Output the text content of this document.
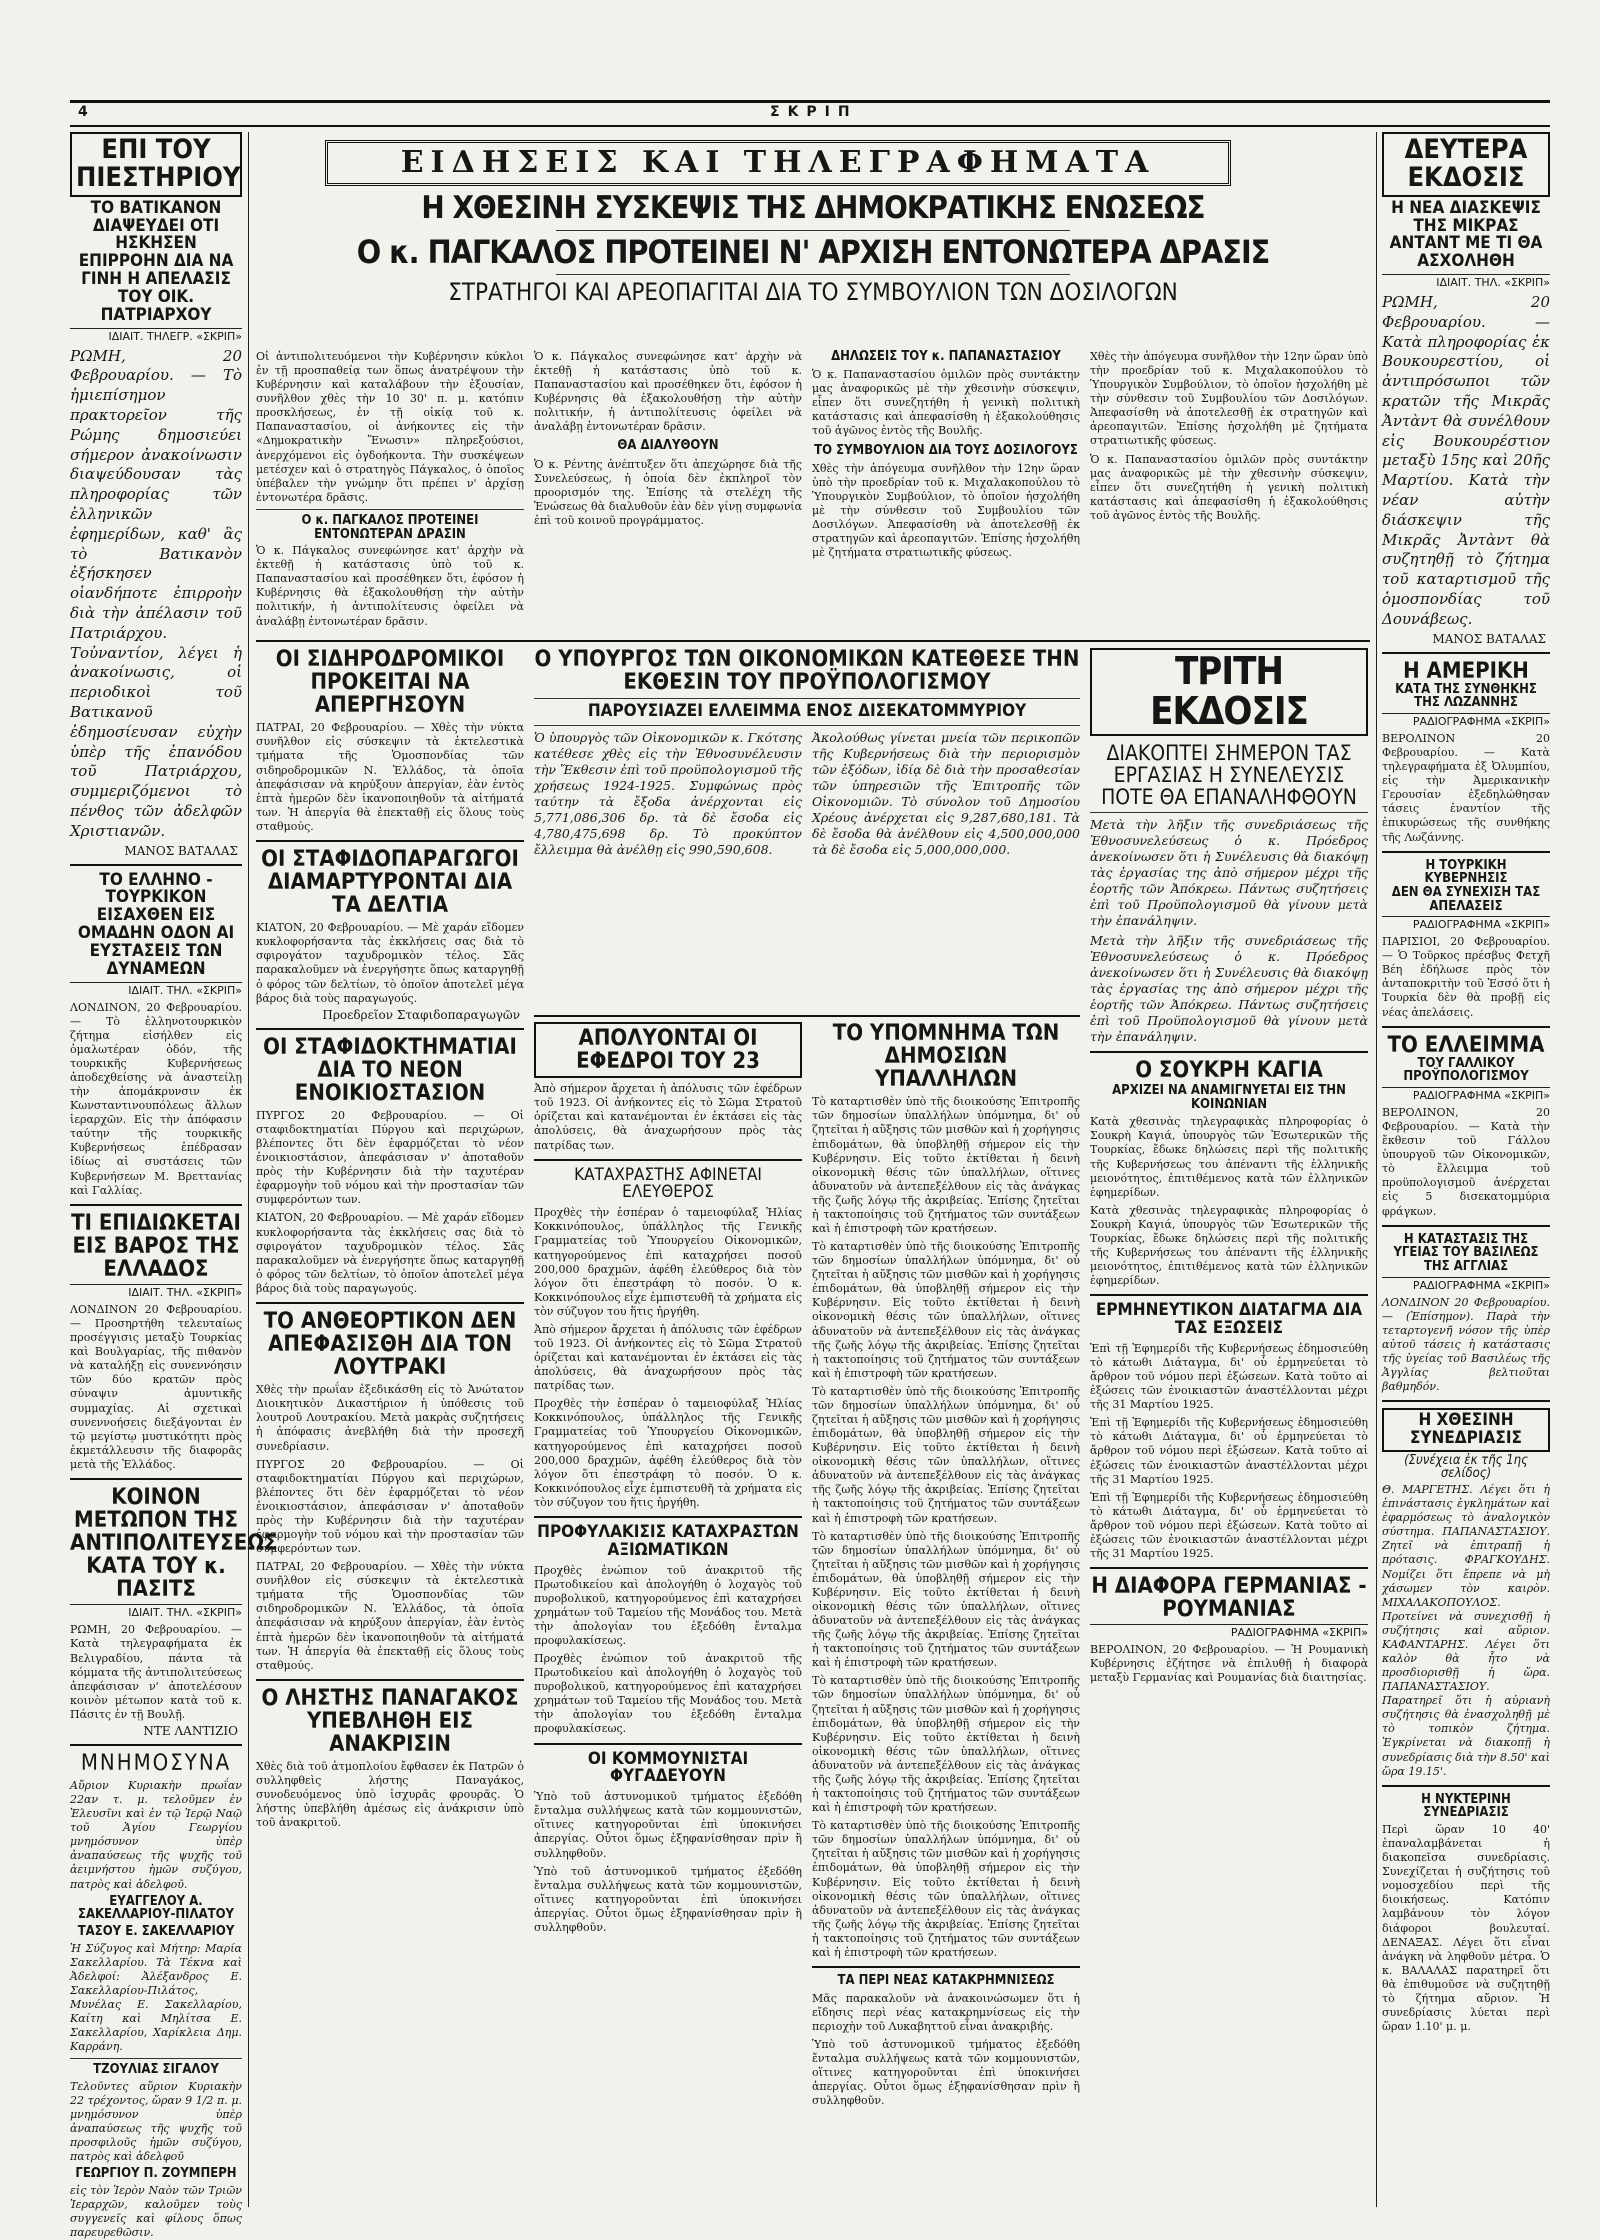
4	ΣΚΡΙΠ
ΕΠΙ ΤΟΥ ΠΙΕΣΤΗΡΙΟΥ
ΤΟ ΒΑΤΙΚΑΝΟΝ ΔΙΑΨΕΥΔΕΙ ΟΤΙ ΗΣΚΗΣΕΝ ΕΠΙΡΡΟΗΝ ΔΙΑ ΝΑ ΓΙΝΗ Η ΑΠΕΛΑΣΙΣ ΤΟΥ ΟΙΚ. ΠΑΤΡΙΑΡΧΟΥ
ΙΔΙΑΙΤ. ΤΗΛΕΓΡ. «ΣΚΡΙΠ»

ΡΩΜΗ, 20 Φεβρουαρίου. — Τὸ ἡμιεπίσημον πρακτορεῖον τῆς Ρώμης δημοσιεύει σήμερον ἀνακοίνωσιν διαψεύδουσαν τὰς πληροφορίας τῶν ἑλληνικῶν ἐφημερίδων, καθ' ἃς τὸ Βατικανὸν ἐξήσκησεν οἱανδήποτε ἐπιρροὴν διὰ τὴν ἀπέλασιν τοῦ Πατριάρχου. Τοὐναντίον, λέγει ἡ ἀνακοίνωσις, οἱ περιοδικοὶ τοῦ Βατικανοῦ ἐδημοσίευσαν εὐχὴν ὑπὲρ τῆς ἐπανόδου τοῦ Πατριάρχου, συμμεριζόμενοι τὸ πένθος τῶν ἀδελφῶν Χριστιανῶν.

ΜΑΝΟΣ ΒΑΤΑΛΑΣ
ΤΟ ΕΛΛΗΝΟ - ΤΟΥΡΚΙΚΟΝ ΕΙΣΑΧΘΕΝ ΕΙΣ ΟΜΑΔΗΝ ΟΔΟΝ ΑΙ ΕΥΣΤΑΣΕΙΣ ΤΩΝ ΔΥΝΑΜΕΩΝ
ΙΔΙΑΙΤ. ΤΗΛ. «ΣΚΡΙΠ»

ΛΟΝΔΙΝΟΝ, 20 Φεβρουαρίου. — Τὸ ἑλληνοτουρκικὸν ζήτημα εἰσήλθεν εἰς ὁμαλωτέραν ὁδόν, τῆς τουρκικῆς Κυβερνήσεως ἀποδεχθείσης νὰ ἀναστείλῃ τὴν ἀπομάκρυνσιν ἐκ Κωνσταντινουπόλεως ἄλλων ἱεραρχῶν. Εἰς τὴν ἀπόφασιν ταύτην τῆς τουρκικῆς Κυβερνήσεως ἐπέδρασαν ἰδίως αἱ συστάσεις τῶν Κυβερνήσεων Μ. Βρεττανίας καὶ Γαλλίας.

ΤΙ ΕΠΙΔΙΩΚΕΤΑΙ ΕΙΣ ΒΑΡΟΣ ΤΗΣ ΕΛΛΑΔΟΣ
ΙΔΙΑΙΤ. ΤΗΛ. «ΣΚΡΙΠ»

ΛΟΝΔΙΝΟΝ 20 Φεβρουαρίου. — Προσηρτήθη τελευταίως προσέγγισις μεταξὺ Τουρκίας καὶ Βουλγαρίας, τῆς πιθανὸν νὰ καταλήξῃ εἰς συνεννόησιν τῶν δύο κρατῶν πρὸς σύναψιν ἀμυντικῆς συμμαχίας. Αἱ σχετικαὶ συνεννοήσεις διεξάγονται ἐν τῷ μεγίστῳ μυστικότητι πρὸς ἐκμετάλλευσιν τῆς διαφορᾶς μετὰ τῆς Ἑλλάδος.

ΚΟΙΝΟΝ ΜΕΤΩΠΟΝ ΤΗΣ ΑΝΤΙΠΟΛΙΤΕΥΣΕΩΣ ΚΑΤΑ ΤΟΥ κ. ΠΑΣΙΤΣ
ΙΔΙΑΙΤ. ΤΗΛ. «ΣΚΡΙΠ»

ΡΩΜΗ, 20 Φεβρουαρίου. — Κατὰ τηλεγραφήματα ἐκ Βελιγραδίου, πάντα τὰ κόμματα τῆς ἀντιπολιτεύσεως ἀπεφάσισαν ν' ἀποτελέσουν κοινὸν μέτωπον κατὰ τοῦ κ. Πάσιτς ἐν τῇ Βουλῇ.

ΝΤΕ ΛΑΝΤΙΖΙΟ
ΜΝΗΜΟΣΥΝΑ

Αὔριον Κυριακὴν πρωΐαν 22αν τ. μ. τελοῦμεν ἐν Ἐλευσῖνι καὶ ἐν τῷ Ἱερῷ Ναῷ τοῦ Ἁγίου Γεωργίου μνημόσυνον ὑπὲρ ἀναπαύσεως τῆς ψυχῆς τοῦ ἀειμνήστου ἡμῶν συζύγου, πατρὸς καὶ ἀδελφοῦ.

ΕΥΑΓΓΕΛΟΥ Α. ΣΑΚΕΛΛΑΡΙΟΥ-ΠΙΛΑΤΟΥ
ΤΑΣΟΥ Ε. ΣΑΚΕΛΛΑΡΙΟΥ

Ἡ Σύζυγος καὶ Μήτηρ: Μαρία Σακελλαρίου. Τὰ Τέκνα καὶ Ἀδελφοί: Ἀλέξανδρος Ε. Σακελλαρίου-Πιλάτος, Μυνέλας Ε. Σακελλαρίου, Καίτη καὶ Μηλίτσα Ε. Σακελλαρίου, Χαρίκλεια Δημ. Καρράνη.

ΤΖΟΥΛΙΑΣ ΣΙΓΑΛΟΥ

Τελοῦντες αὔριον Κυριακὴν 22 τρέχοντος, ὥραν 9 1/2 π. μ. μνημόσυνον ὑπὲρ ἀναπαύσεως τῆς ψυχῆς τοῦ προσφιλοῦς ἡμῶν συζύγου, πατρὸς καὶ ἀδελφοῦ

ΓΕΩΡΓΙΟΥ Π. ΖΟΥΜΠΕΡΗ

εἰς τὸν Ἱερὸν Ναὸν τῶν Τριῶν Ἱεραρχῶν, καλοῦμεν τοὺς συγγενεῖς καὶ φίλους ὅπως παρευρεθῶσιν.

ΕΙΔΗΣΕΙΣ ΚΑΙ ΤΗΛΕΓΡΑΦΗΜΑΤΑ
Η ΧΘΕΣΙΝΗ ΣΥΣΚΕΨΙΣ ΤΗΣ ΔΗΜΟΚΡΑΤΙΚΗΣ ΕΝΩΣΕΩΣ
Ο κ. ΠΑΓΚΑΛΟΣ ΠΡΟΤΕΙΝΕΙ Ν' ΑΡΧΙΣΗ ΕΝΤΟΝΩΤΕΡΑ ΔΡΑΣΙΣ
ΣΤΡΑΤΗΓΟΙ ΚΑΙ ΑΡΕΟΠΑΓΙΤΑΙ ΔΙΑ ΤΟ ΣΥΜΒΟΥΛΙΟΝ ΤΩΝ ΔΟΣΙΛΟΓΩΝ

Οἱ ἀντιπολιτευόμενοι τὴν Κυβέρνησιν κύκλοι ἐν τῇ προσπαθείᾳ των ὅπως ἀνατρέψουν τὴν Κυβέρνησιν καὶ καταλάβουν τὴν ἐξουσίαν, συνῆλθον χθὲς τὴν 10 30' π. μ. κατόπιν προσκλήσεως, ἐν τῇ οἰκίᾳ τοῦ κ. Παπαναστασίου, οἱ ἀνήκοντες εἰς τὴν «Δημοκρατικὴν Ἕνωσιν» πληρεξούσιοι, ἀνερχόμενοι εἰς ὀγδοήκοντα. Τὴν συσκέψεων μετέσχεν καὶ ὁ στρατηγὸς Πάγκαλος, ὁ ὁποῖος ὑπέβαλεν τὴν γνώμην ὅτι πρέπει ν' ἀρχίσῃ ἐντονωτέρα δρᾶσις.

Ο κ. ΠΑΓΚΑΛΟΣ ΠΡΟΤΕΙΝΕΙ ΕΝΤΟΝΩΤΕΡΑΝ ΔΡΑΣΙΝ

Ὁ κ. Πάγκαλος συνεφώνησε κατ' ἀρχὴν νὰ ἐκτεθῇ ἡ κατάστασις ὑπὸ τοῦ κ. Παπαναστασίου καὶ προσέθηκεν ὅτι, ἐφόσον ἡ Κυβέρνησις θὰ ἐξακολουθήσῃ τὴν αὐτὴν πολιτικήν, ἡ ἀντιπολίτευσις ὀφείλει νὰ ἀναλάβῃ ἐντονωτέραν δρᾶσιν.

Ὁ κ. Πάγκαλος συνεφώνησε κατ' ἀρχὴν νὰ ἐκτεθῇ ἡ κατάστασις ὑπὸ τοῦ κ. Παπαναστασίου καὶ προσέθηκεν ὅτι, ἐφόσον ἡ Κυβέρνησις θὰ ἐξακολουθήσῃ τὴν αὐτὴν πολιτικήν, ἡ ἀντιπολίτευσις ὀφείλει νὰ ἀναλάβῃ ἐντονωτέραν δρᾶσιν.

ΘΑ ΔΙΑΛΥΘΟΥΝ

Ὁ κ. Ρέντης ἀνέπτυξεν ὅτι ἀπεχώρησε διὰ τῆς Συνελεύσεως, ἡ ὁποία δὲν ἐκπληροῖ τὸν προορισμόν της. Ἐπίσης τὰ στελέχη τῆς Ἑνώσεως θὰ διαλυθοῦν ἐὰν δὲν γίνῃ συμφωνία ἐπὶ τοῦ κοινοῦ προγράμματος.

ΔΗΛΩΣΕΙΣ ΤΟΥ κ. ΠΑΠΑΝΑΣΤΑΣΙΟΥ

Ὁ κ. Παπαναστασίου ὁμιλῶν πρὸς συντάκτην μας ἀναφορικῶς μὲ τὴν χθεσινὴν σύσκεψιν, εἶπεν ὅτι συνεζητήθη ἡ γενικὴ πολιτικὴ κατάστασις καὶ ἀπεφασίσθη ἡ ἐξακολούθησις τοῦ ἀγῶνος ἐντὸς τῆς Βουλῆς.

ΤΟ ΣΥΜΒΟΥΛΙΟΝ ΔΙΑ ΤΟΥΣ ΔΟΣΙΛΟΓΟΥΣ

Χθὲς τὴν ἀπόγευμα συνῆλθον τὴν 12ην ὥραν ὑπὸ τὴν προεδρίαν τοῦ κ. Μιχαλακοπούλου τὸ Ὑπουργικὸν Συμβούλιον, τὸ ὁποῖον ἠσχολήθη μὲ τὴν σύνθεσιν τοῦ Συμβουλίου τῶν Δοσιλόγων. Ἀπεφασίσθη νὰ ἀποτελεσθῇ ἐκ στρατηγῶν καὶ ἀρεοπαγιτῶν. Ἐπίσης ἠσχολήθη μὲ ζητήματα στρατιωτικῆς φύσεως.

Χθὲς τὴν ἀπόγευμα συνῆλθον τὴν 12ην ὥραν ὑπὸ τὴν προεδρίαν τοῦ κ. Μιχαλακοπούλου τὸ Ὑπουργικὸν Συμβούλιον, τὸ ὁποῖον ἠσχολήθη μὲ τὴν σύνθεσιν τοῦ Συμβουλίου τῶν Δοσιλόγων. Ἀπεφασίσθη νὰ ἀποτελεσθῇ ἐκ στρατηγῶν καὶ ἀρεοπαγιτῶν. Ἐπίσης ἠσχολήθη μὲ ζητήματα στρατιωτικῆς φύσεως.

Ὁ κ. Παπαναστασίου ὁμιλῶν πρὸς συντάκτην μας ἀναφορικῶς μὲ τὴν χθεσινὴν σύσκεψιν, εἶπεν ὅτι συνεζητήθη ἡ γενικὴ πολιτικὴ κατάστασις καὶ ἀπεφασίσθη ἡ ἐξακολούθησις τοῦ ἀγῶνος ἐντὸς τῆς Βουλῆς.

ΟΙ ΣΙΔΗΡΟΔΡΟΜΙΚΟΙ ΠΡΟΚΕΙΤΑΙ ΝΑ ΑΠΕΡΓΗΣΟΥΝ

ΠΑΤΡΑΙ, 20 Φεβρουαρίου. — Χθὲς τὴν νύκτα συνῆλθον εἰς σύσκεψιν τὰ ἐκτελεστικὰ τμήματα τῆς Ὁμοσπονδίας τῶν σιδηροδρομικῶν Ν. Ἑλλάδος, τὰ ὁποῖα ἀπεφάσισαν νὰ κηρύξουν ἀπεργίαν, ἐὰν ἐντὸς ἑπτὰ ἡμερῶν δὲν ἱκανοποιηθοῦν τὰ αἰτήματά των. Ἡ ἀπεργία θὰ ἐπεκταθῇ εἰς ὅλους τοὺς σταθμούς.

ΟΙ ΣΤΑΦΙΔΟΠΑΡΑΓΩΓΟΙ ΔΙΑΜΑΡΤΥΡΟΝΤΑΙ ΔΙΑ ΤΑ ΔΕΛΤΙΑ

ΚΙΑΤΟΝ, 20 Φεβρουαρίου. — Μὲ χαράν εἴδομεν κυκλοφορήσαντα τὰς ἐκκλήσεις σας διὰ τὸ σφιρογάτον ταχυδρομικὸν τέλος. Σᾶς παρακαλοῦμεν νὰ ἐνεργήσητε ὅπως καταργηθῇ ὁ φόρος τῶν δελτίων, τὸ ὁποῖον ἀποτελεῖ μέγα βάρος διὰ τοὺς παραγωγούς.

Προεδρεῖον Σταφιδοπαραγωγῶν
ΟΙ ΣΤΑΦΙΔΟΚΤΗΜΑΤΙΑΙ ΔΙΑ ΤΟ ΝΕΟΝ ΕΝΟΙΚΙΟΣΤΑΣΙΟΝ

ΠΥΡΓΟΣ 20 Φεβρουαρίου. — Οἱ σταφιδοκτηματίαι Πύργου καὶ περιχώρων, βλέποντες ὅτι δὲν ἐφαρμόζεται τὸ νέον ἐνοικιοστάσιον, ἀπεφάσισαν ν' ἀποταθοῦν πρὸς τὴν Κυβέρνησιν διὰ τὴν ταχυτέραν ἐφαρμογὴν τοῦ νόμου καὶ τὴν προστασίαν τῶν συμφερόντων των.

ΚΙΑΤΟΝ, 20 Φεβρουαρίου. — Μὲ χαράν εἴδομεν κυκλοφορήσαντα τὰς ἐκκλήσεις σας διὰ τὸ σφιρογάτον ταχυδρομικὸν τέλος. Σᾶς παρακαλοῦμεν νὰ ἐνεργήσητε ὅπως καταργηθῇ ὁ φόρος τῶν δελτίων, τὸ ὁποῖον ἀποτελεῖ μέγα βάρος διὰ τοὺς παραγωγούς.

ΤΟ ΑΝΘΕΟΡΤΙΚΟΝ ΔΕΝ ΑΠΕΦΑΣΙΣΘΗ ΔΙΑ ΤΟΝ ΛΟΥΤΡΑΚΙ

Χθὲς τὴν πρωΐαν ἐξεδικάσθη εἰς τὸ Ἀνώτατον Διοικητικὸν Δικαστήριον ἡ ὑπόθεσις τοῦ λουτροῦ Λουτρακίου. Μετὰ μακρὰς συζητήσεις ἡ ἀπόφασις ἀνεβλήθη διὰ τὴν προσεχῆ συνεδρίασιν.

ΠΥΡΓΟΣ 20 Φεβρουαρίου. — Οἱ σταφιδοκτηματίαι Πύργου καὶ περιχώρων, βλέποντες ὅτι δὲν ἐφαρμόζεται τὸ νέον ἐνοικιοστάσιον, ἀπεφάσισαν ν' ἀποταθοῦν πρὸς τὴν Κυβέρνησιν διὰ τὴν ταχυτέραν ἐφαρμογὴν τοῦ νόμου καὶ τὴν προστασίαν τῶν συμφερόντων των.

ΠΑΤΡΑΙ, 20 Φεβρουαρίου. — Χθὲς τὴν νύκτα συνῆλθον εἰς σύσκεψιν τὰ ἐκτελεστικὰ τμήματα τῆς Ὁμοσπονδίας τῶν σιδηροδρομικῶν Ν. Ἑλλάδος, τὰ ὁποῖα ἀπεφάσισαν νὰ κηρύξουν ἀπεργίαν, ἐὰν ἐντὸς ἑπτὰ ἡμερῶν δὲν ἱκανοποιηθοῦν τὰ αἰτήματά των. Ἡ ἀπεργία θὰ ἐπεκταθῇ εἰς ὅλους τοὺς σταθμούς.

Ο ΛΗΣΤΗΣ ΠΑΝΑΓΑΚΟΣ ΥΠΕΒΛΗΘΗ ΕΙΣ ΑΝΑΚΡΙΣΙΝ

Χθὲς διὰ τοῦ ἀτμοπλοίου ἔφθασεν ἐκ Πατρῶν ὁ συλληφθεὶς λήστης Παναγάκος, συνοδευόμενος ὑπὸ ἰσχυρᾶς φρουρᾶς. Ὁ λήστης ὑπεβλήθη ἀμέσως εἰς ἀνάκρισιν ὑπὸ τοῦ ἀνακριτοῦ.

Ο ΥΠΟΥΡΓΟΣ ΤΩΝ ΟΙΚΟΝΟΜΙΚΩΝ ΚΑΤΕΘΕΣΕ ΤΗΝ ΕΚΘΕΣΙΝ ΤΟΥ ΠΡΟΫΠΟΛΟΓΙΣΜΟΥ
ΠΑΡΟΥΣΙΑΖΕΙ ΕΛΛΕΙΜΜΑ ΕΝΟΣ ΔΙΣΕΚΑΤΟΜΜΥΡΙΟΥ

Ὁ ὑπουργὸς τῶν Οἰκονομικῶν κ. Γκότσης κατέθεσε χθὲς εἰς τὴν Ἐθνοσυνέλευσιν τὴν Ἔκθεσιν ἐπὶ τοῦ προϋπολογισμοῦ τῆς χρήσεως 1924-1925. Συμφώνως πρὸς ταύτην τὰ ἔξοδα ἀνέρχονται εἰς 5,771,086,306 δρ. τὰ δὲ ἔσοδα εἰς 4,780,475,698 δρ. Τὸ προκύπτον ἔλλειμμα θὰ ἀνέλθῃ εἰς 990,590,608.

Ἀκολούθως γίνεται μνεία τῶν περικοπῶν τῆς Κυβερνήσεως διὰ τὴν περιορισμὸν τῶν ἐξόδων, ἰδίᾳ δὲ διὰ τὴν προσαθεσίαν τῶν ὑπηρεσιῶν τῆς Ἐπιτροπῆς τῶν Οἰκονομιῶν. Τὸ σύνολον τοῦ Δημοσίου Χρέους ἀνέρχεται εἰς 9,287,680,181. Τὰ δὲ ἔσοδα θὰ ἀνέλθουν εἰς 4,500,000,000 τὰ δὲ ἔσοδα εἰς 5,000,000,000.

ΑΠΟΛΥΟΝΤΑΙ ΟΙ ΕΦΕΔΡΟΙ ΤΟΥ 23

Ἀπὸ σήμερον ἄρχεται ἡ ἀπόλυσις τῶν ἐφέδρων τοῦ 1923. Οἱ ἀνήκοντες εἰς τὸ Σῶμα Στρατοῦ ὁρίζεται καὶ κατανέμονται ἐν ἐκτάσει εἰς τὰς ἀπολύσεις, θὰ ἀναχωρήσουν πρὸς τὰς πατρίδας των.

ΚΑΤΑΧΡΑΣΤΗΣ ΑΦΙΝΕΤΑΙ ΕΛΕΥΘΕΡΟΣ

Προχθὲς τὴν ἑσπέραν ὁ ταμειοφύλαξ Ἡλίας Κοκκινόπουλος, ὑπάλληλος τῆς Γενικῆς Γραμματείας τοῦ Ὑπουργείου Οἰκονομικῶν, κατηγορούμενος ἐπὶ καταχρήσει ποσοῦ 200,000 δραχμῶν, ἀφέθη ἐλεύθερος διὰ τὸν λόγον ὅτι ἐπεστράφη τὸ ποσόν. Ὁ κ. Κοκκινόπουλος εἶχε ἐμπιστευθῆ τὰ χρήματα εἰς τὸν σύζυγον του ἥτις ἠργήθη.

Ἀπὸ σήμερον ἄρχεται ἡ ἀπόλυσις τῶν ἐφέδρων τοῦ 1923. Οἱ ἀνήκοντες εἰς τὸ Σῶμα Στρατοῦ ὁρίζεται καὶ κατανέμονται ἐν ἐκτάσει εἰς τὰς ἀπολύσεις, θὰ ἀναχωρήσουν πρὸς τὰς πατρίδας των.

Προχθὲς τὴν ἑσπέραν ὁ ταμειοφύλαξ Ἡλίας Κοκκινόπουλος, ὑπάλληλος τῆς Γενικῆς Γραμματείας τοῦ Ὑπουργείου Οἰκονομικῶν, κατηγορούμενος ἐπὶ καταχρήσει ποσοῦ 200,000 δραχμῶν, ἀφέθη ἐλεύθερος διὰ τὸν λόγον ὅτι ἐπεστράφη τὸ ποσόν. Ὁ κ. Κοκκινόπουλος εἶχε ἐμπιστευθῆ τὰ χρήματα εἰς τὸν σύζυγον του ἥτις ἠργήθη.

ΠΡΟΦΥΛΑΚΙΣΙΣ ΚΑΤΑΧΡΑΣΤΩΝ ΑΞΙΩΜΑΤΙΚΩΝ

Προχθὲς ἐνώπιον τοῦ ἀνακριτοῦ τῆς Πρωτοδικείου καὶ ἀπολογήθη ὁ λοχαγὸς τοῦ πυροβολικοῦ, κατηγορούμενος ἐπὶ καταχρήσει χρημάτων τοῦ Ταμείου τῆς Μονάδος του. Μετὰ τὴν ἀπολογίαν του ἐξεδόθη ἔνταλμα προφυλακίσεως.

Προχθὲς ἐνώπιον τοῦ ἀνακριτοῦ τῆς Πρωτοδικείου καὶ ἀπολογήθη ὁ λοχαγὸς τοῦ πυροβολικοῦ, κατηγορούμενος ἐπὶ καταχρήσει χρημάτων τοῦ Ταμείου τῆς Μονάδος του. Μετὰ τὴν ἀπολογίαν του ἐξεδόθη ἔνταλμα προφυλακίσεως.

ΟΙ ΚΟΜΜΟΥΝΙΣΤΑΙ ΦΥΓΑΔΕΥΟΥΝ

Ὑπὸ τοῦ ἀστυνομικοῦ τμήματος ἐξεδόθη ἔνταλμα συλλήψεως κατὰ τῶν κομμουνιστῶν, οἵτινες κατηγοροῦνται ἐπὶ ὑποκινήσει ἀπεργίας. Οὗτοι ὅμως ἐξηφανίσθησαν πρὶν ἢ συλληφθοῦν.

Ὑπὸ τοῦ ἀστυνομικοῦ τμήματος ἐξεδόθη ἔνταλμα συλλήψεως κατὰ τῶν κομμουνιστῶν, οἵτινες κατηγοροῦνται ἐπὶ ὑποκινήσει ἀπεργίας. Οὗτοι ὅμως ἐξηφανίσθησαν πρὶν ἢ συλληφθοῦν.

ΤΟ ΥΠΟΜΝΗΜΑ ΤΩΝ ΔΗΜΟΣΙΩΝ ΥΠΑΛΛΗΛΩΝ

Τὸ καταρτισθὲν ὑπὸ τῆς διοικούσης Ἐπιτροπῆς τῶν δημοσίων ὑπαλλήλων ὑπόμνημα, δι' οὗ ζητεῖται ἡ αὔξησις τῶν μισθῶν καὶ ἡ χορήγησις ἐπιδομάτων, θὰ ὑποβληθῇ σήμερον εἰς τὴν Κυβέρνησιν. Εἰς τοῦτο ἐκτίθεται ἡ δεινὴ οἰκονομικὴ θέσις τῶν ὑπαλλήλων, οἵτινες ἀδυνατοῦν νὰ ἀντεπεξέλθουν εἰς τὰς ἀνάγκας τῆς ζωῆς λόγῳ τῆς ἀκριβείας. Ἐπίσης ζητεῖται ἡ τακτοποίησις τοῦ ζητήματος τῶν συντάξεων καὶ ἡ ἐπιστροφὴ τῶν κρατήσεων.

Τὸ καταρτισθὲν ὑπὸ τῆς διοικούσης Ἐπιτροπῆς τῶν δημοσίων ὑπαλλήλων ὑπόμνημα, δι' οὗ ζητεῖται ἡ αὔξησις τῶν μισθῶν καὶ ἡ χορήγησις ἐπιδομάτων, θὰ ὑποβληθῇ σήμερον εἰς τὴν Κυβέρνησιν. Εἰς τοῦτο ἐκτίθεται ἡ δεινὴ οἰκονομικὴ θέσις τῶν ὑπαλλήλων, οἵτινες ἀδυνατοῦν νὰ ἀντεπεξέλθουν εἰς τὰς ἀνάγκας τῆς ζωῆς λόγῳ τῆς ἀκριβείας. Ἐπίσης ζητεῖται ἡ τακτοποίησις τοῦ ζητήματος τῶν συντάξεων καὶ ἡ ἐπιστροφὴ τῶν κρατήσεων.

Τὸ καταρτισθὲν ὑπὸ τῆς διοικούσης Ἐπιτροπῆς τῶν δημοσίων ὑπαλλήλων ὑπόμνημα, δι' οὗ ζητεῖται ἡ αὔξησις τῶν μισθῶν καὶ ἡ χορήγησις ἐπιδομάτων, θὰ ὑποβληθῇ σήμερον εἰς τὴν Κυβέρνησιν. Εἰς τοῦτο ἐκτίθεται ἡ δεινὴ οἰκονομικὴ θέσις τῶν ὑπαλλήλων, οἵτινες ἀδυνατοῦν νὰ ἀντεπεξέλθουν εἰς τὰς ἀνάγκας τῆς ζωῆς λόγῳ τῆς ἀκριβείας. Ἐπίσης ζητεῖται ἡ τακτοποίησις τοῦ ζητήματος τῶν συντάξεων καὶ ἡ ἐπιστροφὴ τῶν κρατήσεων.

Τὸ καταρτισθὲν ὑπὸ τῆς διοικούσης Ἐπιτροπῆς τῶν δημοσίων ὑπαλλήλων ὑπόμνημα, δι' οὗ ζητεῖται ἡ αὔξησις τῶν μισθῶν καὶ ἡ χορήγησις ἐπιδομάτων, θὰ ὑποβληθῇ σήμερον εἰς τὴν Κυβέρνησιν. Εἰς τοῦτο ἐκτίθεται ἡ δεινὴ οἰκονομικὴ θέσις τῶν ὑπαλλήλων, οἵτινες ἀδυνατοῦν νὰ ἀντεπεξέλθουν εἰς τὰς ἀνάγκας τῆς ζωῆς λόγῳ τῆς ἀκριβείας. Ἐπίσης ζητεῖται ἡ τακτοποίησις τοῦ ζητήματος τῶν συντάξεων καὶ ἡ ἐπιστροφὴ τῶν κρατήσεων.

Τὸ καταρτισθὲν ὑπὸ τῆς διοικούσης Ἐπιτροπῆς τῶν δημοσίων ὑπαλλήλων ὑπόμνημα, δι' οὗ ζητεῖται ἡ αὔξησις τῶν μισθῶν καὶ ἡ χορήγησις ἐπιδομάτων, θὰ ὑποβληθῇ σήμερον εἰς τὴν Κυβέρνησιν. Εἰς τοῦτο ἐκτίθεται ἡ δεινὴ οἰκονομικὴ θέσις τῶν ὑπαλλήλων, οἵτινες ἀδυνατοῦν νὰ ἀντεπεξέλθουν εἰς τὰς ἀνάγκας τῆς ζωῆς λόγῳ τῆς ἀκριβείας. Ἐπίσης ζητεῖται ἡ τακτοποίησις τοῦ ζητήματος τῶν συντάξεων καὶ ἡ ἐπιστροφὴ τῶν κρατήσεων.

Τὸ καταρτισθὲν ὑπὸ τῆς διοικούσης Ἐπιτροπῆς τῶν δημοσίων ὑπαλλήλων ὑπόμνημα, δι' οὗ ζητεῖται ἡ αὔξησις τῶν μισθῶν καὶ ἡ χορήγησις ἐπιδομάτων, θὰ ὑποβληθῇ σήμερον εἰς τὴν Κυβέρνησιν. Εἰς τοῦτο ἐκτίθεται ἡ δεινὴ οἰκονομικὴ θέσις τῶν ὑπαλλήλων, οἵτινες ἀδυνατοῦν νὰ ἀντεπεξέλθουν εἰς τὰς ἀνάγκας τῆς ζωῆς λόγῳ τῆς ἀκριβείας. Ἐπίσης ζητεῖται ἡ τακτοποίησις τοῦ ζητήματος τῶν συντάξεων καὶ ἡ ἐπιστροφὴ τῶν κρατήσεων.

ΤΑ ΠΕΡΙ ΝΕΑΣ ΚΑΤΑΚΡΗΜΝΙΣΕΩΣ

Μᾶς παρακαλοῦν νὰ ἀνακοινώσωμεν ὅτι ἡ εἴδησις περὶ νέας κατακρημνίσεως εἰς τὴν περιοχὴν τοῦ Λυκαβηττοῦ εἶναι ἀνακριβής.

Ὑπὸ τοῦ ἀστυνομικοῦ τμήματος ἐξεδόθη ἔνταλμα συλλήψεως κατὰ τῶν κομμουνιστῶν, οἵτινες κατηγοροῦνται ἐπὶ ὑποκινήσει ἀπεργίας. Οὗτοι ὅμως ἐξηφανίσθησαν πρὶν ἢ συλληφθοῦν.

ΤΡΙΤΗ ΕΚΔΟΣΙΣ
ΔΙΑΚΟΠΤΕΙ ΣΗΜΕΡΟΝ ΤΑΣ ΕΡΓΑΣΙΑΣ Η ΣΥΝΕΛΕΥΣΙΣ ΠΟΤΕ ΘΑ ΕΠΑΝΑΛΗΦΘΟΥΝ

Μετὰ τὴν λῆξιν τῆς συνεδριάσεως τῆς Ἐθνοσυνελεύσεως ὁ κ. Πρόεδρος ἀνεκοίνωσεν ὅτι ἡ Συνέλευσις θὰ διακόψῃ τὰς ἐργασίας της ἀπὸ σήμερον μέχρι τῆς ἑορτῆς τῶν Ἀπόκρεω. Πάντως συζητήσεις ἐπὶ τοῦ Προϋπολογισμοῦ θὰ γίνουν μετὰ τὴν ἐπανάληψιν.

Μετὰ τὴν λῆξιν τῆς συνεδριάσεως τῆς Ἐθνοσυνελεύσεως ὁ κ. Πρόεδρος ἀνεκοίνωσεν ὅτι ἡ Συνέλευσις θὰ διακόψῃ τὰς ἐργασίας της ἀπὸ σήμερον μέχρι τῆς ἑορτῆς τῶν Ἀπόκρεω. Πάντως συζητήσεις ἐπὶ τοῦ Προϋπολογισμοῦ θὰ γίνουν μετὰ τὴν ἐπανάληψιν.

Ο ΣΟΥΚΡΗ ΚΑΓΙΑ
ΑΡΧΙΖΕΙ ΝΑ ΑΝΑΜΙΓΝΥΕΤΑΙ ΕΙΣ ΤΗΝ ΚΟΙΝΩΝΙΑΝ

Κατὰ χθεσινὰς τηλεγραφικὰς πληροφορίας ὁ Σουκρὴ Καγιά, ὑπουργὸς τῶν Ἐσωτερικῶν τῆς Τουρκίας, ἔδωκε δηλώσεις περὶ τῆς πολιτικῆς τῆς Κυβερνήσεως του ἀπέναντι τῆς ἑλληνικῆς μειονότητος, ἐπιτιθέμενος κατὰ τῶν ἑλληνικῶν ἐφημερίδων.

Κατὰ χθεσινὰς τηλεγραφικὰς πληροφορίας ὁ Σουκρὴ Καγιά, ὑπουργὸς τῶν Ἐσωτερικῶν τῆς Τουρκίας, ἔδωκε δηλώσεις περὶ τῆς πολιτικῆς τῆς Κυβερνήσεως του ἀπέναντι τῆς ἑλληνικῆς μειονότητος, ἐπιτιθέμενος κατὰ τῶν ἑλληνικῶν ἐφημερίδων.

ΕΡΜΗΝΕΥΤΙΚΟΝ ΔΙΑΤΑΓΜΑ ΔΙΑ ΤΑΣ ΕΞΩΣΕΙΣ

Ἐπὶ τῇ Ἐφημερίδι τῆς Κυβερνήσεως ἐδημοσιεύθη τὸ κάτωθι Διάταγμα, δι' οὗ ἑρμηνεύεται τὸ ἄρθρον τοῦ νόμου περὶ ἐξώσεων. Κατὰ τοῦτο αἱ ἐξώσεις τῶν ἐνοικιαστῶν ἀναστέλλονται μέχρι τῆς 31 Μαρτίου 1925.

Ἐπὶ τῇ Ἐφημερίδι τῆς Κυβερνήσεως ἐδημοσιεύθη τὸ κάτωθι Διάταγμα, δι' οὗ ἑρμηνεύεται τὸ ἄρθρον τοῦ νόμου περὶ ἐξώσεων. Κατὰ τοῦτο αἱ ἐξώσεις τῶν ἐνοικιαστῶν ἀναστέλλονται μέχρι τῆς 31 Μαρτίου 1925.

Ἐπὶ τῇ Ἐφημερίδι τῆς Κυβερνήσεως ἐδημοσιεύθη τὸ κάτωθι Διάταγμα, δι' οὗ ἑρμηνεύεται τὸ ἄρθρον τοῦ νόμου περὶ ἐξώσεων. Κατὰ τοῦτο αἱ ἐξώσεις τῶν ἐνοικιαστῶν ἀναστέλλονται μέχρι τῆς 31 Μαρτίου 1925.

Η ΔΙΑΦΟΡΑ ΓΕΡΜΑΝΙΑΣ - ΡΟΥΜΑΝΙΑΣ
ΡΑΔΙΟΓΡΑΦΗΜΑ «ΣΚΡΙΠ»

ΒΕΡΟΛΙΝΟΝ, 20 Φεβρουαρίου. — Ἡ Ρουμανικὴ Κυβέρνησις ἐζήτησε νὰ ἐπιλυθῇ ἡ διαφορὰ μεταξὺ Γερμανίας καὶ Ρουμανίας διὰ διαιτησίας.

ΔΕΥΤΕΡΑ ΕΚΔΟΣΙΣ
Η ΝΕΑ ΔΙΑΣΚΕΨΙΣ ΤΗΣ ΜΙΚΡΑΣ ΑΝΤΑΝΤ ΜΕ ΤΙ ΘΑ ΑΣΧΟΛΗΘΗ
ΙΔΙΑΙΤ. ΤΗΛ. «ΣΚΡΙΠ»

ΡΩΜΗ, 20 Φεβρουαρίου. — Κατὰ πληροφορίας ἐκ Βουκουρεστίου, οἱ ἀντιπρόσωποι τῶν κρατῶν τῆς Μικρᾶς Ἀντὰντ θὰ συνέλθουν εἰς Βουκουρέστιον μεταξὺ 15ης καὶ 20ῆς Μαρτίου. Κατὰ τὴν νέαν αὐτὴν διάσκεψιν τῆς Μικρᾶς Ἀντὰντ θὰ συζητηθῇ τὸ ζήτημα τοῦ καταρτισμοῦ τῆς ὁμοσπονδίας τοῦ Δουνάβεως.

ΜΑΝΟΣ ΒΑΤΑΛΑΣ
Η ΑΜΕΡΙΚΗ
ΚΑΤΑ ΤΗΣ ΣΥΝΘΗΚΗΣ ΤΗΣ ΛΩΖΑΝΝΗΣ
ΡΑΔΙΟΓΡΑΦΗΜΑ «ΣΚΡΙΠ»

ΒΕΡΟΛΙΝΟΝ 20 Φεβρουαρίου. — Κατὰ τηλεγραφήματα ἐξ Ὀλυμπίου, εἰς τὴν Ἀμερικανικὴν Γερουσίαν ἐξεδηλώθησαν τάσεις ἐναντίον τῆς ἐπικυρώσεως τῆς συνθήκης τῆς Λωζάννης.

Η ΤΟΥΡΚΙΚΗ ΚΥΒΕΡΝΗΣΙΣ
ΔΕΝ ΘΑ ΣΥΝΕΧΙΣΗ ΤΑΣ ΑΠΕΛΑΣΕΙΣ
ΡΑΔΙΟΓΡΑΦΗΜΑ «ΣΚΡΙΠ»

ΠΑΡΙΣΙΟΙ, 20 Φεβρουαρίου. — Ὁ Τοῦρκος πρέσβυς Φετχῆ Βέη ἐδήλωσε πρὸς τὸν ἀνταποκριτὴν τοῦ Ἐσσό ὅτι ἡ Τουρκία δὲν θὰ προβῇ εἰς νέας ἀπελάσεις.

ΤΟ ΕΛΛΕΙΜΜΑ
ΤΟΥ ΓΑΛΛΙΚΟΥ ΠΡΟΫΠΟΛΟΓΙΣΜΟΥ
ΡΑΔΙΟΓΡΑΦΗΜΑ «ΣΚΡΙΠ»

ΒΕΡΟΛΙΝΟΝ, 20 Φεβρουαρίου. — Κατὰ τὴν ἔκθεσιν τοῦ Γάλλου ὑπουργοῦ τῶν Οἰκονομικῶν, τὸ ἔλλειμμα τοῦ προϋπολογισμοῦ ἀνέρχεται εἰς 5 δισεκατομμύρια φράγκων.

Η ΚΑΤΑΣΤΑΣΙΣ ΤΗΣ ΥΓΕΙΑΣ ΤΟΥ ΒΑΣΙΛΕΩΣ ΤΗΣ ΑΓΓΛΙΑΣ
ΡΑΔΙΟΓΡΑΦΗΜΑ «ΣΚΡΙΠ»

ΛΟΝΔΙΝΟΝ 20 Φεβρουαρίου. — (Ἐπίσημον). Παρὰ τὴν τεταρτογενῆ νόσον τῆς ὑπὲρ αὐτοῦ τάσεις ἡ κατάστασις τῆς ὑγείας τοῦ Βασιλέως τῆς Ἀγγλίας βελτιοῦται βαθμηδόν.

Η ΧΘΕΣΙΝΗ ΣΥΝΕΔΡΙΑΣΙΣ
(Συνέχεια ἐκ τῆς 1ης σελίδος)

Θ. ΜΑΡΓΕΤΗΣ. Λέγει ὅτι ἡ ἐπινάστασις ἐγκλημάτων καὶ ἐφαρμόσεως τὸ ἀναλογικὸν σύστημα. ΠΑΠΑΝΑΣΤΑΣΙΟΥ. Ζητεῖ νὰ ἐπιτραπῇ ἡ πρότασις. ΦΡΑΓΚΟΥΔΗΣ. Νομίζει ὅτι ἔπρεπε νὰ μὴ χάσωμεν τὸν καιρὸν. ΜΙΧΑΛΑΚΟΠΟΥΛΟΣ. Προτείνει νὰ συνεχισθῇ ἡ συζήτησις καὶ αὔριον. ΚΑΦΑΝΤΑΡΗΣ. Λέγει ὅτι καλὸν θὰ ἦτο νὰ προσδιορισθῇ ἡ ὥρα. ΠΑΠΑΝΑΣΤΑΣΙΟΥ. Παρατηρεῖ ὅτι ἡ αὐριανὴ συζήτησις θὰ ἐνασχοληθῇ μὲ τὸ τοπικὸν ζήτημα. Ἐγκρίνεται νὰ διακοπῇ ἡ συνεδρίασις διὰ τὴν 8.50' καὶ ὥρα 19.15'.

Η ΝΥΚΤΕΡΙΝΗ ΣΥΝΕΔΡΙΑΣΙΣ

Περὶ ὥραν 10 40' ἐπαναλαμβάνεται ἡ διακοπεῖσα συνεδρίασις. Συνεχίζεται ἡ συζήτησις τοῦ νομοσχεδίου περὶ τῆς διοικήσεως. Κατόπιν λαμβάνουν τὸν λόγον διάφοροι βουλευταί. ΔΕΝΑΞΑΣ. Λέγει ὅτι εἶναι ἀνάγκη νὰ ληφθοῦν μέτρα. Ὁ κ. ΒΑΛΑΛΑΣ παρατηρεῖ ὅτι θὰ ἐπιθυμοῦσε νὰ συζητηθῇ τὸ ζήτημα αὔριον. Ἡ συνεδρίασις λύεται περὶ ὥραν 1.10' μ. μ.
